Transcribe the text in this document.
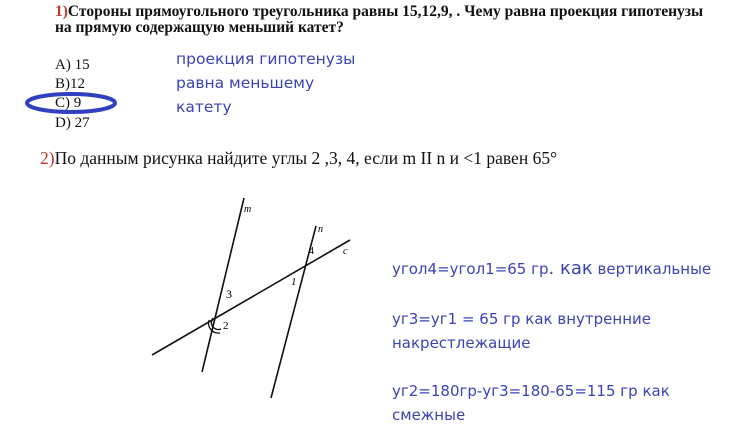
1)Стороны прямоугольного треугольника равны 15,12,9, . Чему равна проекция гипотенузы
на прямую содержащую меньший катет?
A) 15
B)12
C) 9
D) 27
проекция гипотенузы
равна меньшему
катету
2)По данным рисунка найдите углы 2 ,3, 4, если m II n и <1 равен 65°
m
n
c
1
2
3
4
угол4=угол1=65 гр. как вертикальные
уг3=уг1 = 65 гр как внутренние
накрестлежащие
уг2=180гр-уг3=180-65=115 гр как
смежные
